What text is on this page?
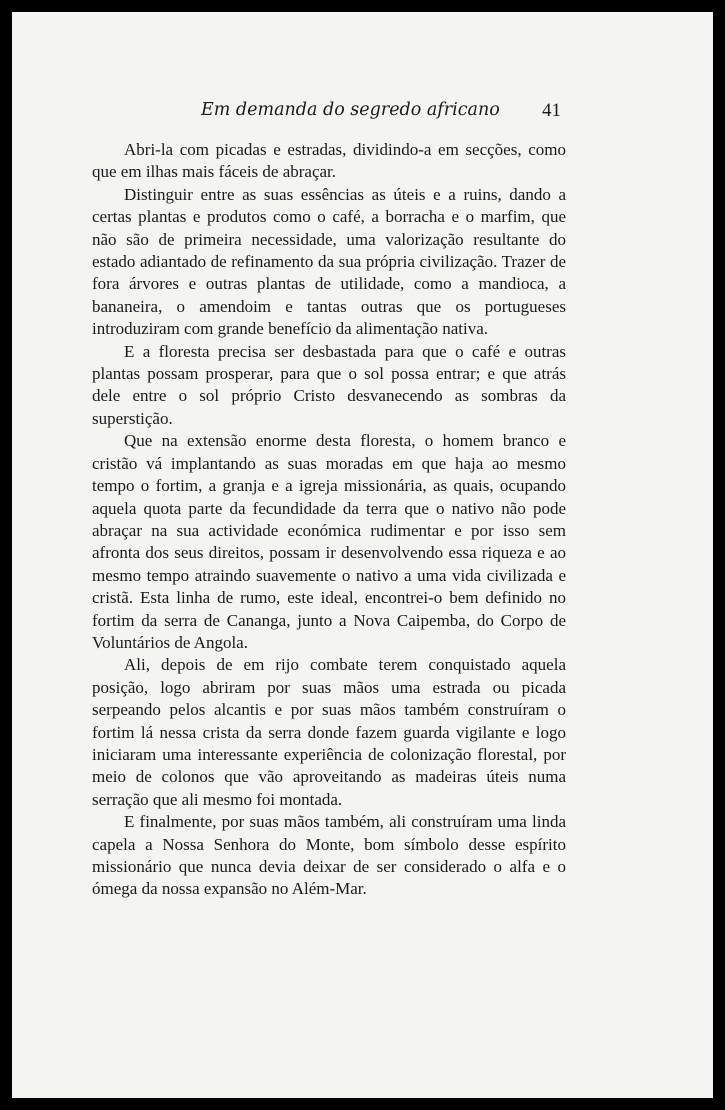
Em demanda do segredo africano 41

Abri-la com picadas e estradas, dividindo-a em secções, como que em ilhas mais fáceis de abraçar.

Distinguir entre as suas essências as úteis e a ruins, dando a certas plantas e produtos como o café, a borracha e o marfim, que não são de primeira necessidade, uma valorização resultante do estado adiantado de refinamento da sua própria civilização. Trazer de fora árvores e outras plantas de utilidade, como a mandioca, a bananeira, o amendoim e tantas outras que os portugueses introduziram com grande benefício da alimentação nativa.

E a floresta precisa ser desbastada para que o café e outras plantas possam prosperar, para que o sol possa entrar; e que atrás dele entre o sol próprio Cristo desvanecendo as sombras da superstição.

Que na extensão enorme desta floresta, o homem branco e cristão vá implantando as suas moradas em que haja ao mesmo tempo o fortim, a granja e a igreja missionária, as quais, ocupando aquela quota parte da fecundidade da terra que o nativo não pode abraçar na sua actividade económica rudimentar e por isso sem afronta dos seus direitos, possam ir desenvolvendo essa riqueza e ao mesmo tempo atraindo suavemente o nativo a uma vida civilizada e cristã. Esta linha de rumo, este ideal, encontrei-o bem definido no fortim da serra de Cananga, junto a Nova Caipemba, do Corpo de Voluntários de Angola.

Ali, depois de em rijo combate terem conquistado aquela posição, logo abriram por suas mãos uma estrada ou picada serpeando pelos alcantis e por suas mãos também construíram o fortim lá nessa crista da serra donde fazem guarda vigilante e logo iniciaram uma interessante experiência de colonização florestal, por meio de colonos que vão aproveitando as madeiras úteis numa serração que ali mesmo foi montada.

E finalmente, por suas mãos também, ali construíram uma linda capela a Nossa Senhora do Monte, bom símbolo desse espírito missionário que nunca devia deixar de ser considerado o alfa e o ómega da nossa expansão no Além-Mar.
